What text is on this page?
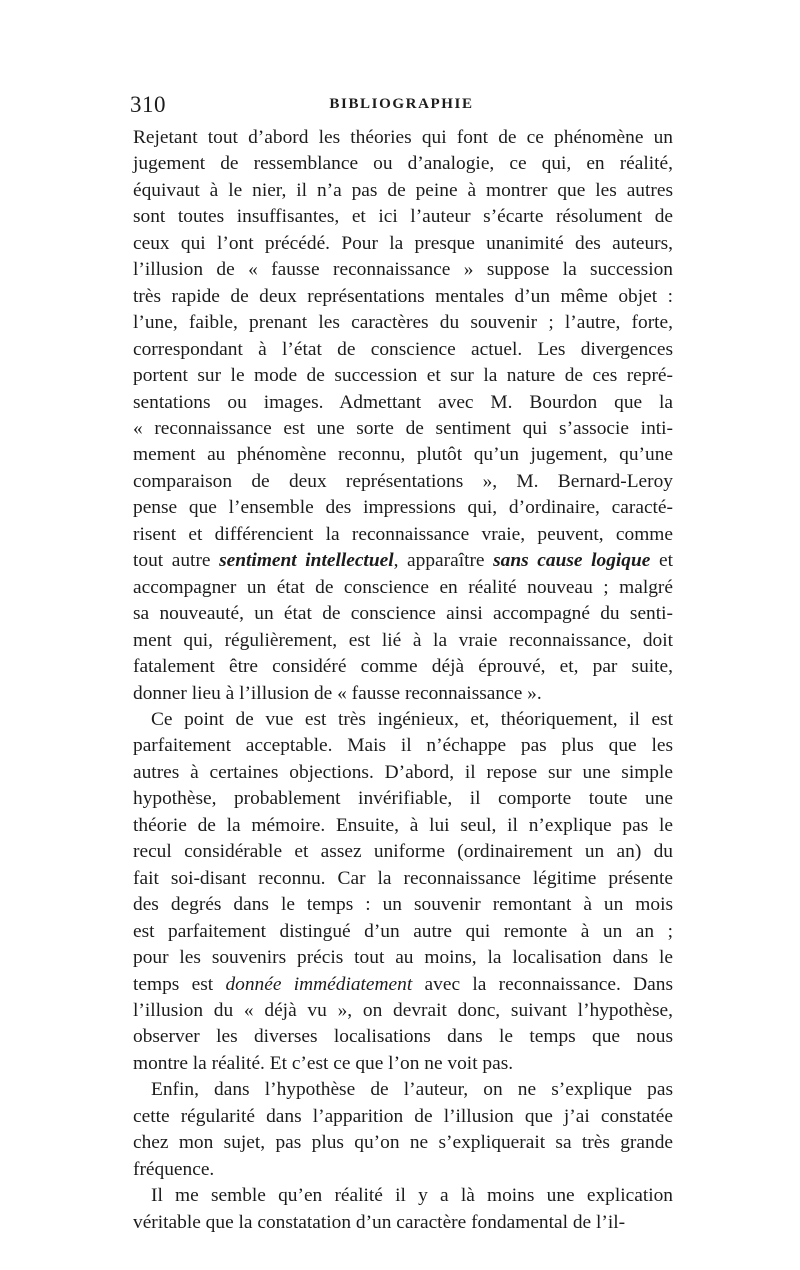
310	BIBLIOGRAPHIE

Rejetant tout d’abord les théories qui font de ce phénomène un

jugement de ressemblance ou d’analogie, ce qui, en réalité,

équivaut à le nier, il n’a pas de peine à montrer que les autres

sont toutes insuffisantes, et ici l’auteur s’écarte résolument de

ceux qui l’ont précédé. Pour la presque unanimité des auteurs,

l’illusion de « fausse reconnaissance » suppose la succession

très rapide de deux représentations mentales d’un même objet :

l’une, faible, prenant les caractères du souvenir ; l’autre, forte,

correspondant à l’état de conscience actuel. Les divergences

portent sur le mode de succession et sur la nature de ces repré-

sentations ou images. Admettant avec M. Bourdon que la

« reconnaissance est une sorte de sentiment qui s’associe inti-

mement au phénomène reconnu, plutôt qu’un jugement, qu’une

comparaison de deux représentations », M. Bernard-Leroy

pense que l’ensemble des impressions qui, d’ordinaire, caracté-

risent et différencient la reconnaissance vraie, peuvent, comme

tout autre sentiment intellectuel, apparaître sans cause logique et

accompagner un état de conscience en réalité nouveau ; malgré

sa nouveauté, un état de conscience ainsi accompagné du senti-

ment qui, régulièrement, est lié à la vraie reconnaissance, doit

fatalement être considéré comme déjà éprouvé, et, par suite,

donner lieu à l’illusion de « fausse reconnaissance ».

Ce point de vue est très ingénieux, et, théoriquement, il est

parfaitement acceptable. Mais il n’échappe pas plus que les

autres à certaines objections. D’abord, il repose sur une simple

hypothèse, probablement invérifiable, il comporte toute une

théorie de la mémoire. Ensuite, à lui seul, il n’explique pas le

recul considérable et assez uniforme (ordinairement un an) du

fait soi-disant reconnu. Car la reconnaissance légitime présente

des degrés dans le temps : un souvenir remontant à un mois

est parfaitement distingué d’un autre qui remonte à un an ;

pour les souvenirs précis tout au moins, la localisation dans le

temps est donnée immédiatement avec la reconnaissance. Dans

l’illusion du « déjà vu », on devrait donc, suivant l’hypothèse,

observer les diverses localisations dans le temps que nous

montre la réalité. Et c’est ce que l’on ne voit pas.

Enfin, dans l’hypothèse de l’auteur, on ne s’explique pas

cette régularité dans l’apparition de l’illusion que j’ai constatée

chez mon sujet, pas plus qu’on ne s’expliquerait sa très grande

fréquence.

Il me semble qu’en réalité il y a là moins une explication

véritable que la constatation d’un caractère fondamental de l’il-
